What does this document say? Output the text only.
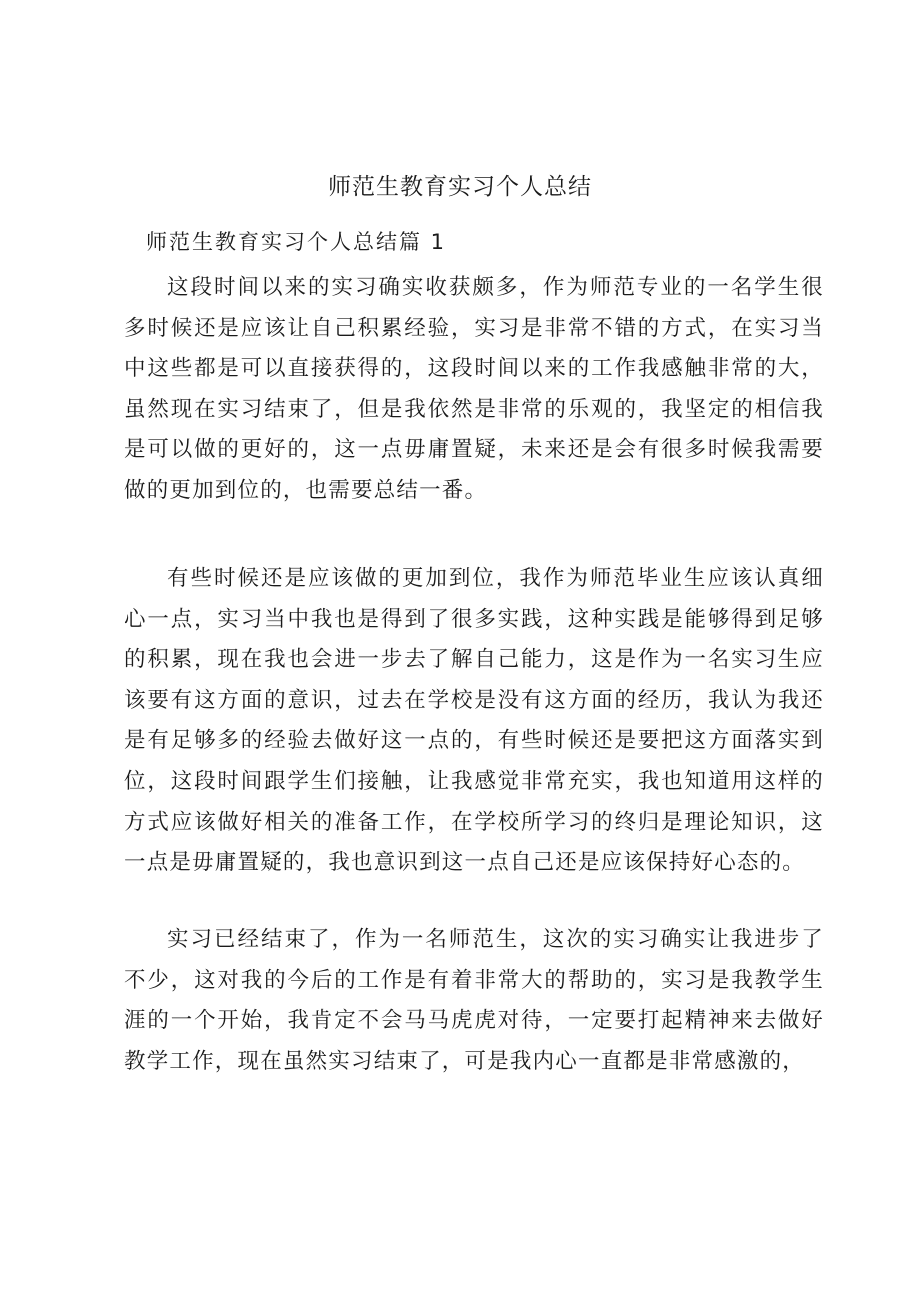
师范生教育实习个人总结
师范生教育实习个人总结篇 1

这段时间以来的实习确实收获颇多，作为师范专业的一名学生很多时候还是应该让自己积累经验，实习是非常不错的方式，在实习当中这些都是可以直接获得的，这段时间以来的工作我感触非常的大，虽然现在实习结束了，但是我依然是非常的乐观的，我坚定的相信我是可以做的更好的，这一点毋庸置疑，未来还是会有很多时候我需要做的更加到位的，也需要总结一番。

有些时候还是应该做的更加到位，我作为师范毕业生应该认真细心一点，实习当中我也是得到了很多实践，这种实践是能够得到足够的积累，现在我也会进一步去了解自己能力，这是作为一名实习生应该要有这方面的意识，过去在学校是没有这方面的经历，我认为我还是有足够多的经验去做好这一点的，有些时候还是要把这方面落实到位，这段时间跟学生们接触，让我感觉非常充实，我也知道用这样的方式应该做好相关的准备工作，在学校所学习的终归是理论知识，这一点是毋庸置疑的，我也意识到这一点自己还是应该保持好心态的。

实习已经结束了，作为一名师范生，这次的实习确实让我进步了不少，这对我的今后的工作是有着非常大的帮助的，实习是我教学生涯的一个开始，我肯定不会马马虎虎对待，一定要打起精神来去做好教学工作，现在虽然实习结束了，可是我内心一直都是非常感激的，
